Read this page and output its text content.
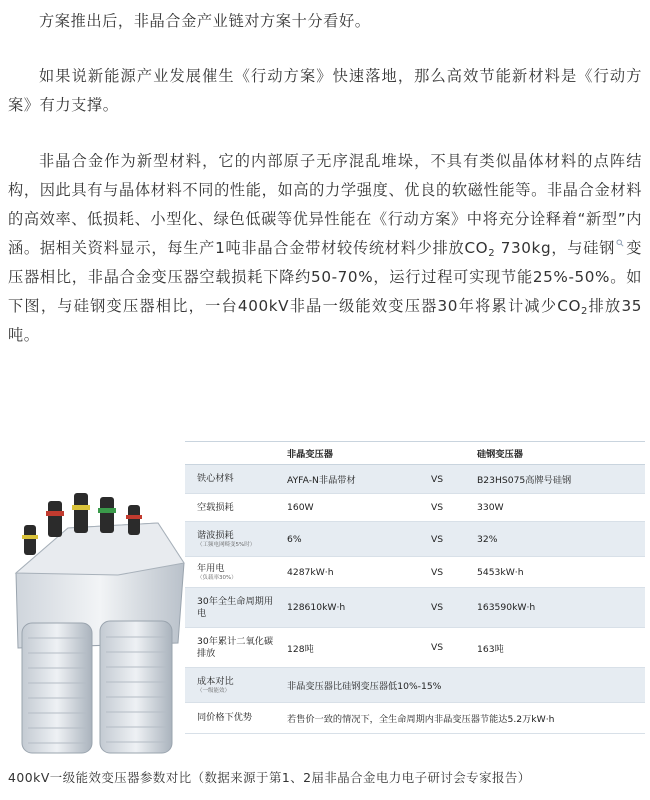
方案推出后，非晶合金产业链对方案十分看好。

如果说新能源产业发展催生《行动方案》快速落地，那么高效节能新材料是《行动方案》有力支撑。

非晶合金作为新型材料，它的内部原子无序混乱堆垛，不具有类似晶体材料的点阵结构，因此具有与晶体材料不同的性能，如高的力学强度、优良的软磁性能等。非晶合金材料的高效率、低损耗、小型化、绿色低碳等优异性能在《行动方案》中将充分诠释着“新型”内涵。据相关资料显示，每生产1吨非晶合金带材较传统材料少排放$CO_2$ 730kg，与硅钢 变压器相比，非晶合金变压器空载损耗下降约50-70%，运行过程可实现节能25%-50%。如下图，与硅钢变压器相比，一台400kV非晶一级能效变压器30年将累计减少$CO_2$排放35吨。

非晶变压器	硅钢变压器
铁心材料	AYFA-N非晶带材	VS	B23HS075高牌号硅钢
空载损耗	160W	VS	330W
谐波损耗
（工频电网畸变5%时）	6%	VS	32%
年用电
（负载率30%）	4287kW·h	VS	5453kW·h
30年全生命周期用电	128610kW·h	VS	163590kW·h
30年累计二氧化碳排放	128吨	VS	163吨
成本对比
（一级能效）	非晶变压器比硅钢变压器低10%-15%
同价格下优势	若售价一致的情况下，全生命周期内非晶变压器节能达5.2万kW·h

400kV一级能效变压器参数对比（数据来源于第1、2届非晶合金电力电子研讨会专家报告）
